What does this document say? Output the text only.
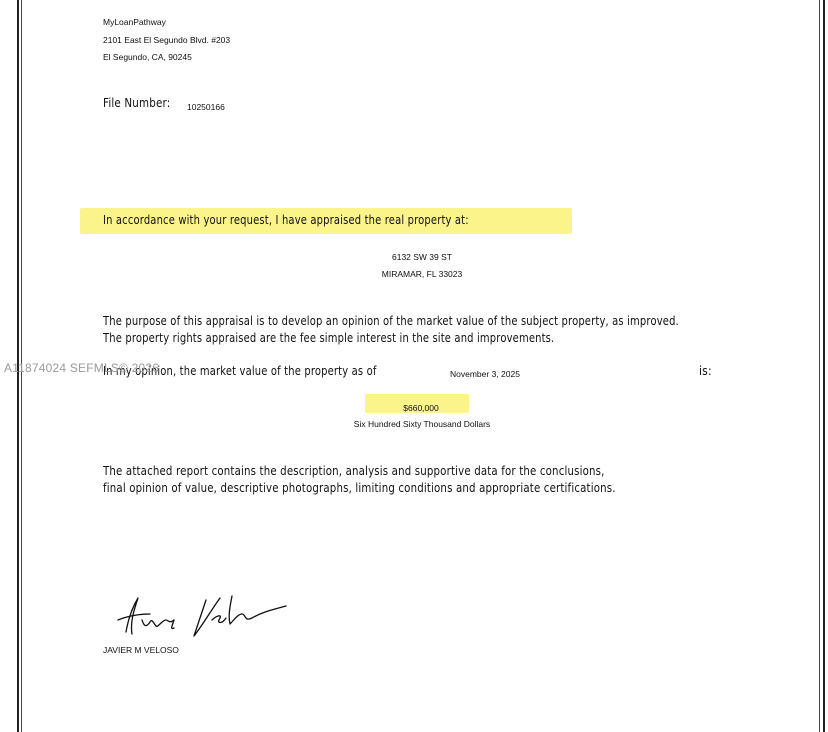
MyLoanPathway
2101 East El Segundo Blvd. #203
El Segundo, CA, 90245
File Number: 10250166
In accordance with your request, I have appraised the real property at:
6132 SW 39 ST
MIRAMAR, FL 33023
The purpose of this appraisal is to develop an opinion of the market value of the subject property, as improved.
The property rights appraised are the fee simple interest in the site and improvements.
In my opinion, the market value of the property as of	November 3, 2025	is:
$660,000
Six Hundred Sixty Thousand Dollars
The attached report contains the description, analysis and supportive data for the conclusions,
final opinion of value, descriptive photographs, limiting conditions and appropriate certifications.
JAVIER M VELOSO
A11874024 SEFMLS© 2026
